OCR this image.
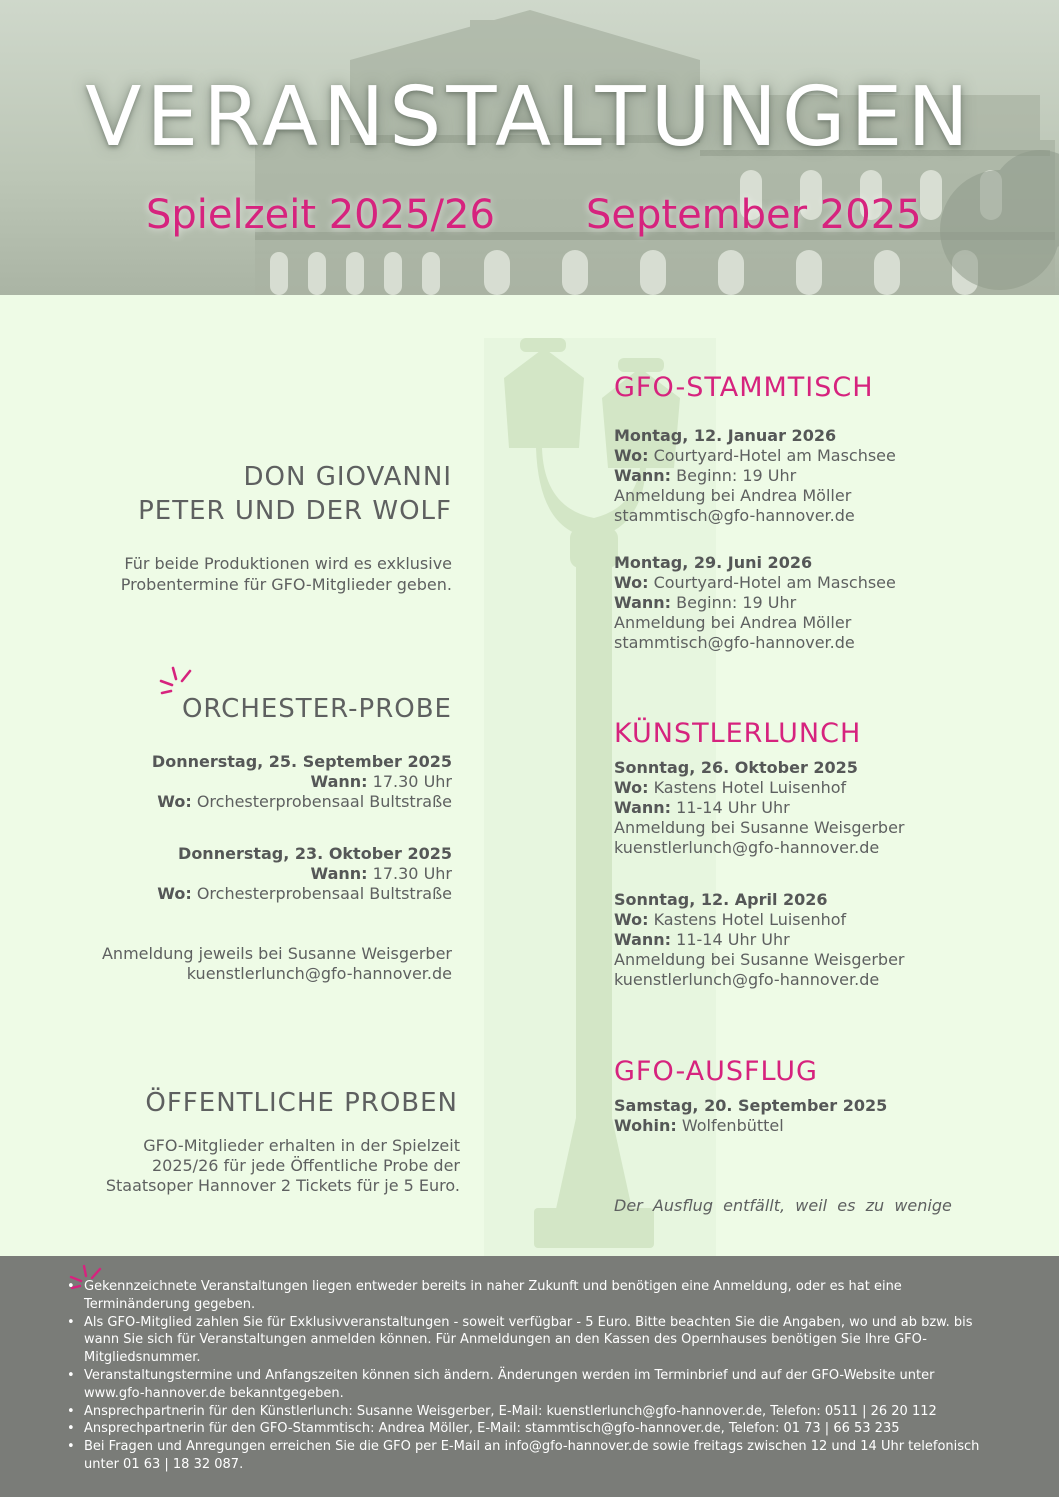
VERANSTALTUNGEN
Spielzeit 2025/26 September 2025
DON GIOVANNI
PETER UND DER WOLF
Für beide Produktionen wird es exklusive
Probentermine für GFO-Mitglieder geben.
ORCHESTER-PROBE
Donnerstag, 25. September 2025
Wann: 17.30 Uhr
Wo: Orchesterprobensaal Bultstraße
Donnerstag, 23. Oktober 2025
Wann: 17.30 Uhr
Wo: Orchesterprobensaal Bultstraße
Anmeldung jeweils bei Susanne Weisgerber
kuenstlerlunch@gfo-hannover.de
ÖFFENTLICHE PROBEN
GFO-Mitglieder erhalten in der Spielzeit
2025/26 für jede Öffentliche Probe der
Staatsoper Hannover 2 Tickets für je 5 Euro.
GFO-STAMMTISCH
Montag, 12. Januar 2026
Wo: Courtyard-Hotel am Maschsee
Wann: Beginn: 19 Uhr
Anmeldung bei Andrea Möller
stammtisch@gfo-hannover.de
Montag, 29. Juni 2026
Wo: Courtyard-Hotel am Maschsee
Wann: Beginn: 19 Uhr
Anmeldung bei Andrea Möller
stammtisch@gfo-hannover.de
KÜNSTLERLUNCH
Sonntag, 26. Oktober 2025
Wo: Kastens Hotel Luisenhof
Wann: 11-14 Uhr Uhr
Anmeldung bei Susanne Weisgerber
kuenstlerlunch@gfo-hannover.de
Sonntag, 12. April 2026
Wo: Kastens Hotel Luisenhof
Wann: 11-14 Uhr Uhr
Anmeldung bei Susanne Weisgerber
kuenstlerlunch@gfo-hannover.de
GFO-AUSFLUG
Samstag, 20. September 2025
Wohin: Wolfenbüttel

Der  Ausflug  entfällt,  weil  es  zu  wenige

• Gekennzeichnete Veranstaltungen liegen entweder bereits in naher Zukunft und benötigen eine Anmeldung, oder es hat eine
Terminänderung gegeben.
• Als GFO-Mitglied zahlen Sie für Exklusivveranstaltungen - soweit verfügbar - 5 Euro. Bitte beachten Sie die Angaben, wo und ab bzw. bis
wann Sie sich für Veranstaltungen anmelden können. Für Anmeldungen an den Kassen des Opernhauses benötigen Sie Ihre GFO-
Mitgliedsnummer.
• Veranstaltungstermine und Anfangszeiten können sich ändern. Änderungen werden im Terminbrief und auf der GFO-Website unter
www.gfo-hannover.de bekanntgegeben.
• Ansprechpartnerin für den Künstlerlunch: Susanne Weisgerber, E-Mail: kuenstlerlunch@gfo-hannover.de, Telefon: 0511 | 26 20 112
• Ansprechpartnerin für den GFO-Stammtisch: Andrea Möller, E-Mail: stammtisch@gfo-hannover.de, Telefon: 01 73 | 66 53 235
• Bei Fragen und Anregungen erreichen Sie die GFO per E-Mail an info@gfo-hannover.de sowie freitags zwischen 12 und 14 Uhr telefonisch
unter 01 63 | 18 32 087.
